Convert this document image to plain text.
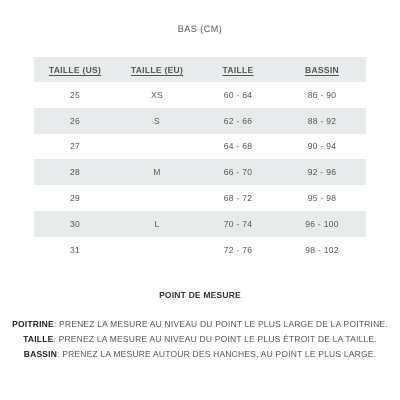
BAS (CM)
TAILLE (US)	TAILLE (EU)	TAILLE	BASSIN
25	XS	60 - 64	86 - 90
26	S	62 - 66	88 - 92
27		64 - 68	90 - 94
28	M	66 - 70	92 - 96
29		68 - 72	95 - 98
30	L	70 - 74	96 - 100
31		72 - 76	98 - 102
POINT DE MESURE

POITRINE: PRENEZ LA MESURE AU NIVEAU DU POINT LE PLUS LARGE DE LA POITRINE.

TAILLE: PRENEZ LA MESURE AU NIVEAU DU POINT LE PLUS ÉTROIT DE LA TAILLE.

BASSIN: PRENEZ LA MESURE AUTOUR DES HANCHES, AU POINT LE PLUS LARGE.
